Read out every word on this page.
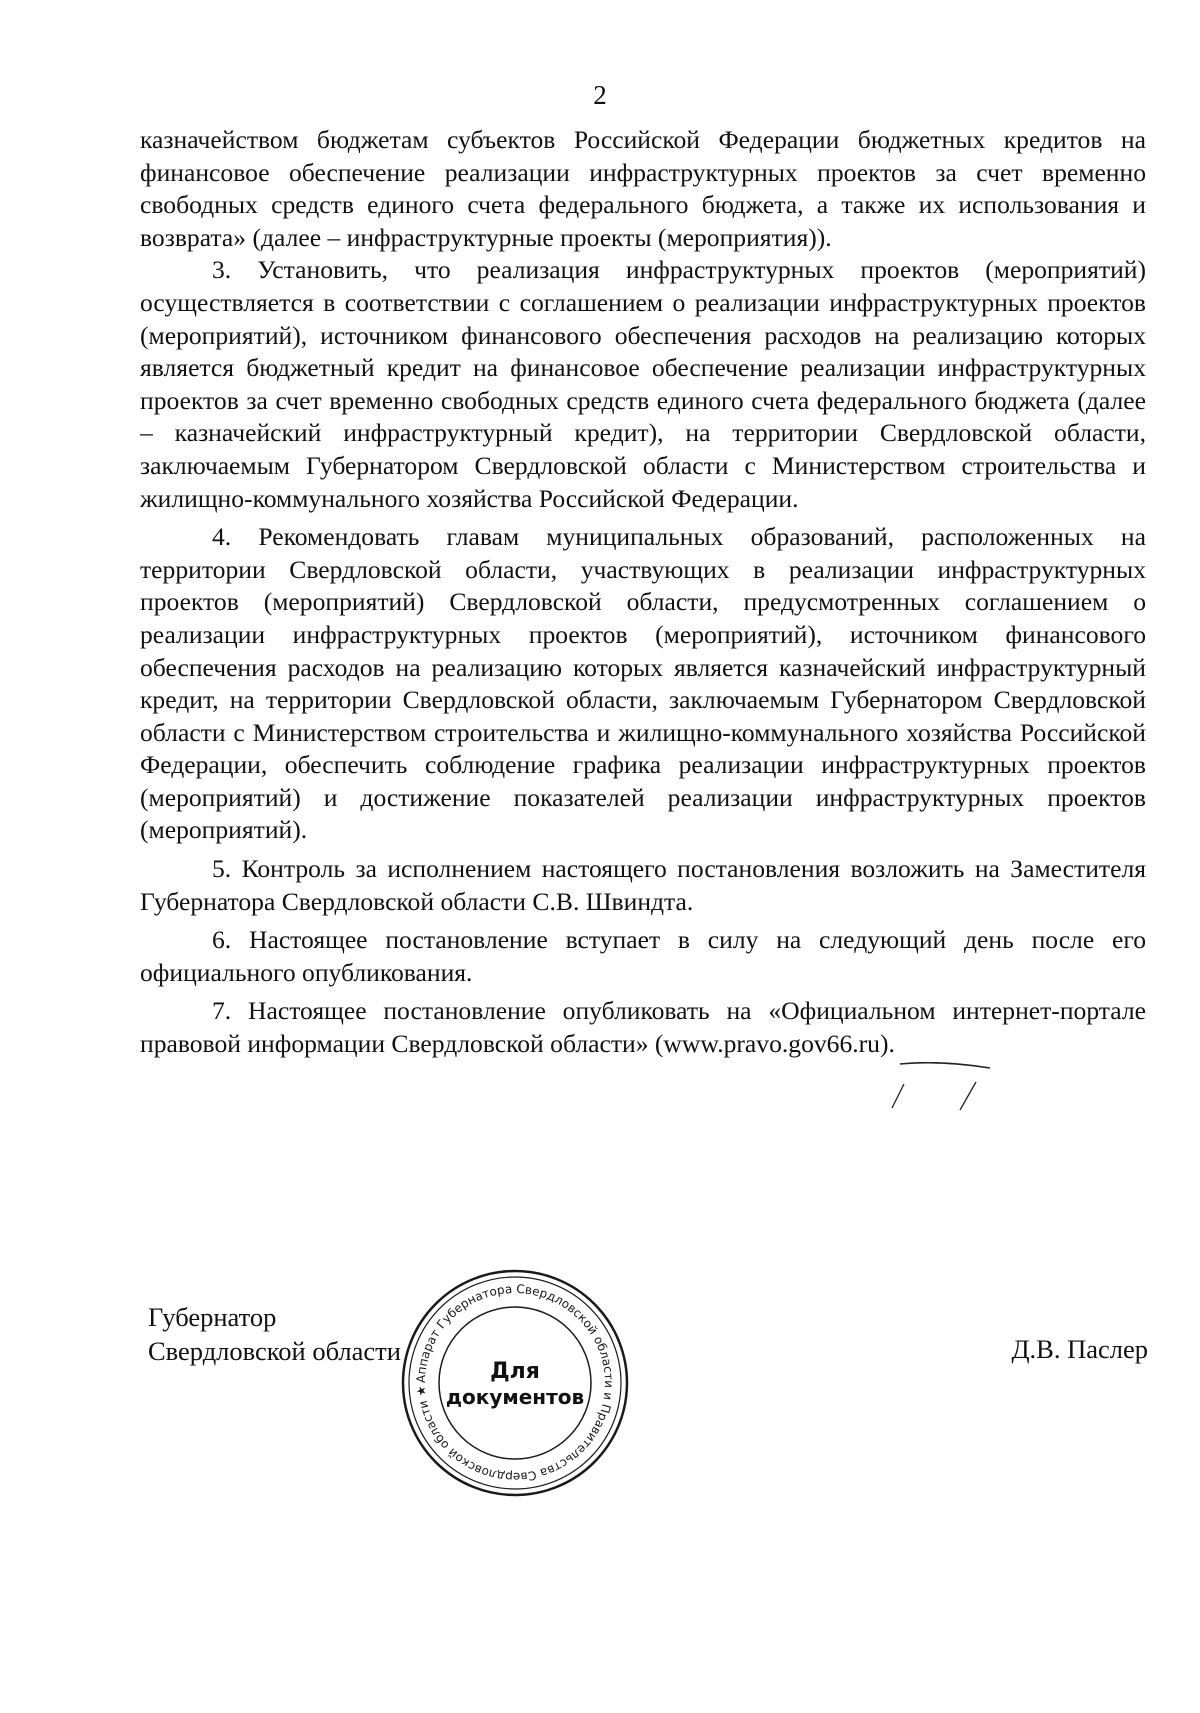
2

казначейством бюджетам субъектов Российской Федерации бюджетных кредитов на финансовое обеспечение реализации инфраструктурных проектов за счет временно свободных средств единого счета федерального бюджета, а также их использования и возврата» (далее – инфраструктурные проекты (мероприятия)).

3. Установить, что реализация инфраструктурных проектов (мероприятий) осуществляется в соответствии с соглашением о реализации инфраструктурных проектов (мероприятий), источником финансового обеспечения расходов на реализацию которых является бюджетный кредит на финансовое обеспечение реализации инфраструктурных проектов за счет временно свободных средств единого счета федерального бюджета (далее – казначейский инфраструктурный кредит), на территории Свердловской области, заключаемым Губернатором Свердловской области с Министерством строительства и жилищно-коммунального хозяйства Российской Федерации.

4. Рекомендовать главам муниципальных образований, расположенных на территории Свердловской области, участвующих в реализации инфраструктурных проектов (мероприятий) Свердловской области, предусмотренных соглашением о реализации инфраструктурных проектов (мероприятий), источником финансового обеспечения расходов на реализацию которых является казначейский инфраструктурный кредит, на территории Свердловской области, заключаемым Губернатором Свердловской области с Министерством строительства и жилищно-коммунального хозяйства Российской Федерации, обеспечить соблюдение графика реализации инфраструктурных проектов (мероприятий) и достижение показателей реализации инфраструктурных проектов (мероприятий).

5. Контроль за исполнением настоящего постановления возложить на Заместителя Губернатора Свердловской области С.В. Швиндта.

6. Настоящее постановление вступает в силу на следующий день после его официального опубликования.

7. Настоящее постановление опубликовать на «Официальном интернет-портале правовой информации Свердловской области» (www.pravo.gov66.ru).

Губернатор
Свердловской области	Д.В. Паслер
Аппарат Губернатора Свердловской области и Правительства Свердловской области ★
Для
документов
